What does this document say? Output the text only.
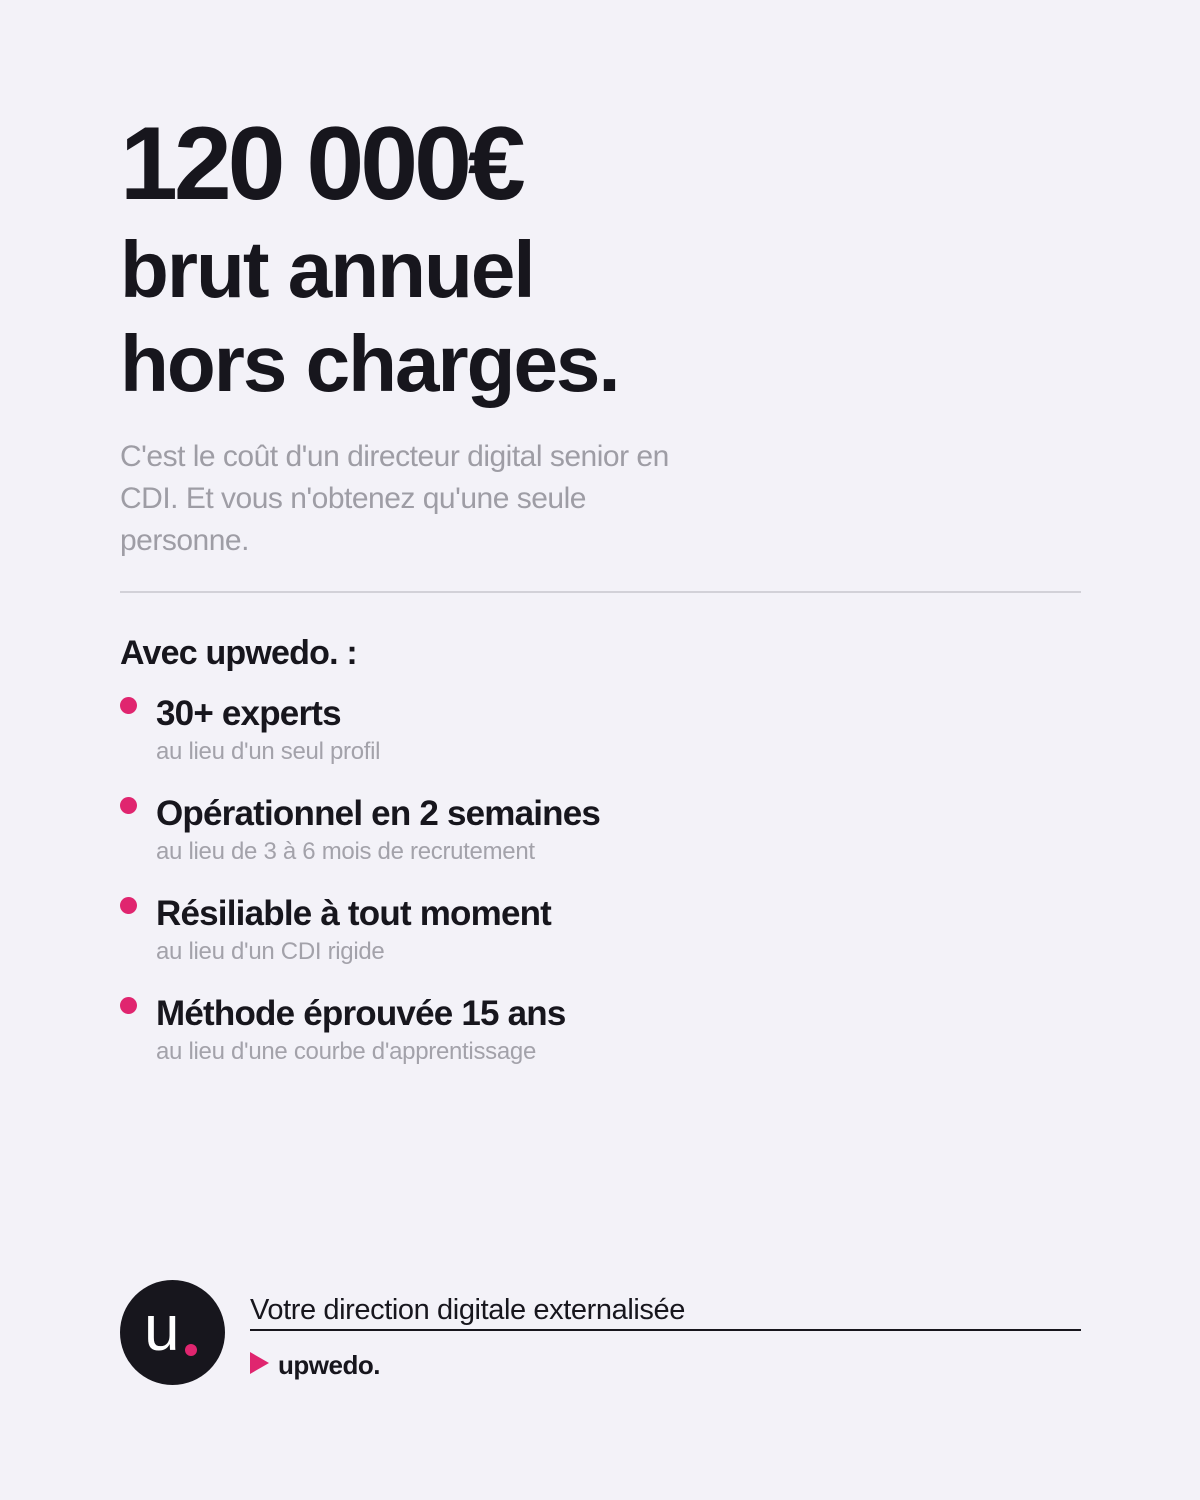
120 000€
brut annuel
hors charges.
C'est le coût d'un directeur digital senior en CDI. Et vous n'obtenez qu'une seule personne.
Avec upwedo. :
30+ experts
au lieu d'un seul profil
Opérationnel en 2 semaines
au lieu de 3 à 6 mois de recrutement
Résiliable à tout moment
au lieu d'un CDI rigide
Méthode éprouvée 15 ans
au lieu d'une courbe d'apprentissage
u Votre direction digitale externalisée
upwedo.
